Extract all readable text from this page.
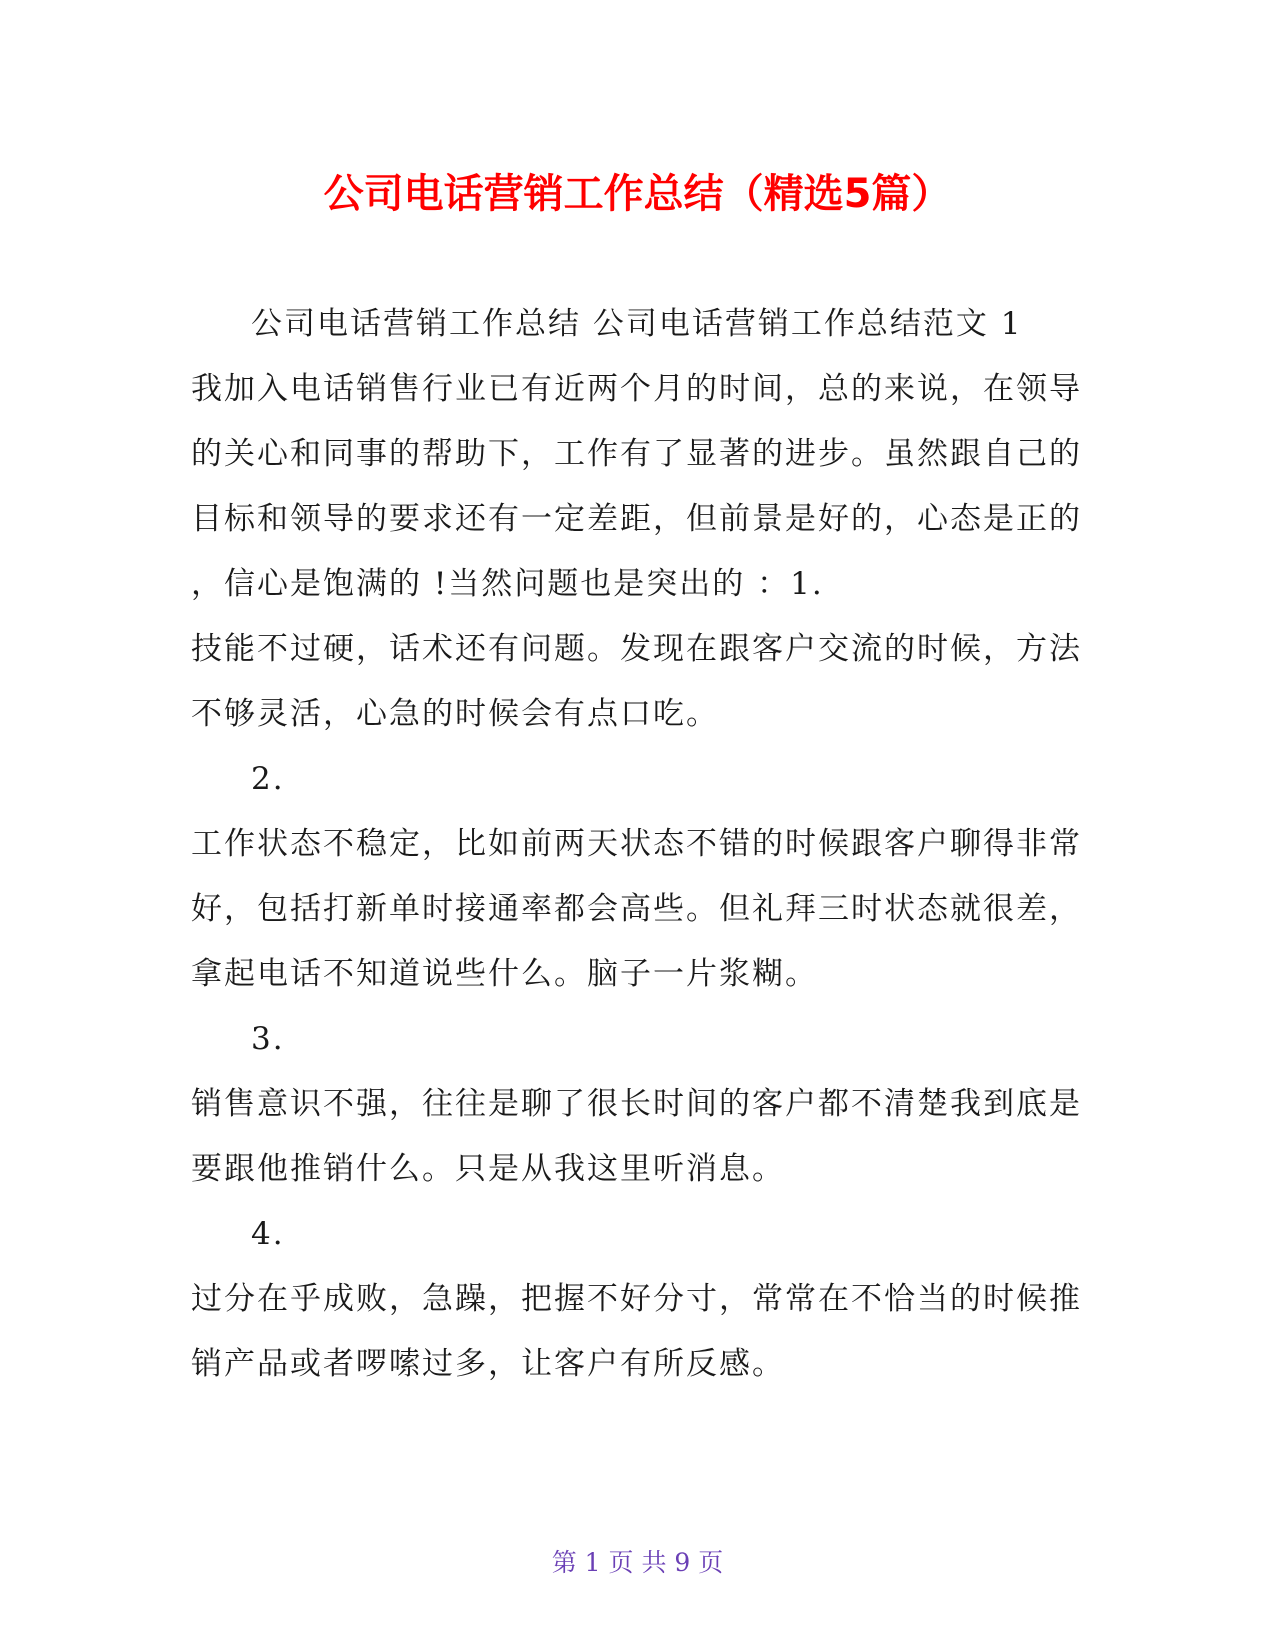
公司电话营销工作总结（精选5篇）

公司电话营销工作总结 公司电话营销工作总结范文 1

我加入电话销售行业已有近两个月的时间，总的来说，在领导

的关心和同事的帮助下，工作有了显著的进步。虽然跟自己的

目标和领导的要求还有一定差距，但前景是好的，心态是正的

，信心是饱满的 !当然问题也是突出的 ：1.

技能不过硬，话术还有问题。发现在跟客户交流的时候，方法

不够灵活，心急的时候会有点口吃。

2.

工作状态不稳定，比如前两天状态不错的时候跟客户聊得非常

好，包括打新单时接通率都会高些。但礼拜三时状态就很差，

拿起电话不知道说些什么。脑子一片浆糊。

3.

销售意识不强，往往是聊了很长时间的客户都不清楚我到底是

要跟他推销什么。只是从我这里听消息。

4.

过分在乎成败，急躁，把握不好分寸，常常在不恰当的时候推

销产品或者啰嗦过多，让客户有所反感。

第 1 页 共 9 页
